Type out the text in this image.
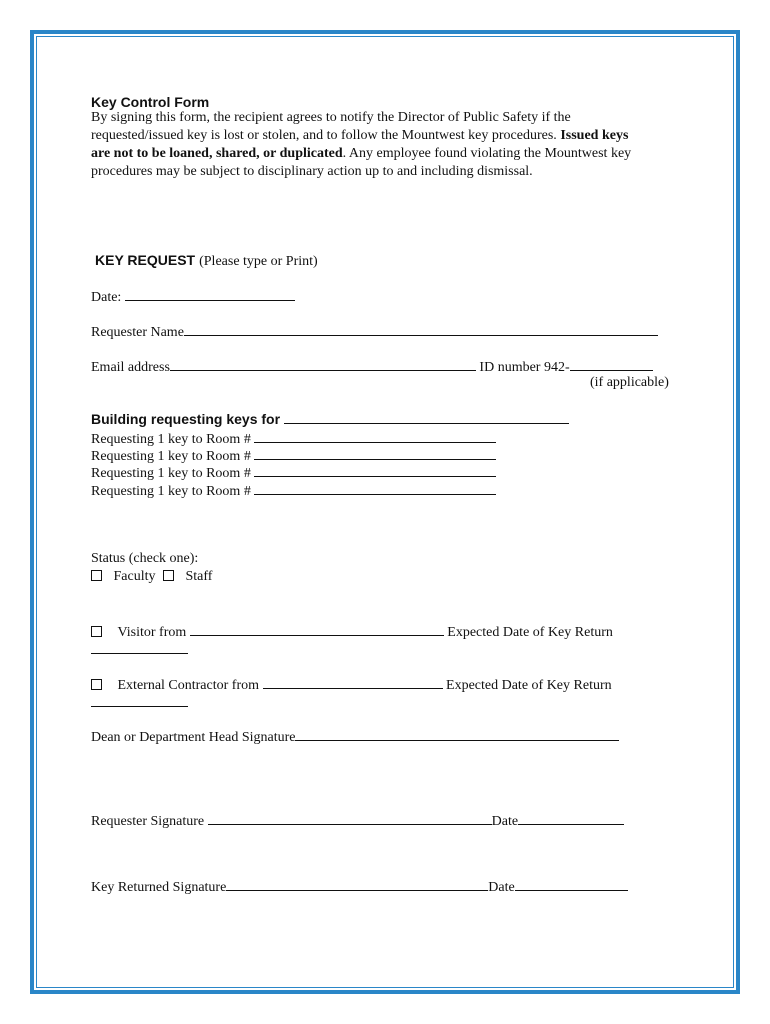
Key Control Form
By signing this form, the recipient agrees to notify the Director of Public Safety if the
requested/issued key is lost or stolen, and to follow the Mountwest key procedures. Issued keys
are not to be loaned, shared, or duplicated. Any employee found violating the Mountwest key
procedures may be subject to disciplinary action up to and including dismissal.
KEY REQUEST (Please type or Print)
Date:
Requester Name
Email address	ID number 942-
(if applicable)
Building requesting keys for
Requesting 1 key to Room #
Requesting 1 key to Room #
Requesting 1 key to Room #
Requesting 1 key to Room #
Status (check one):
Faculty Staff
Visitor from	Expected Date of Key Return
External Contractor from	Expected Date of Key Return
Dean or Department Head Signature
Requester Signature	Date
Key Returned Signature	Date
